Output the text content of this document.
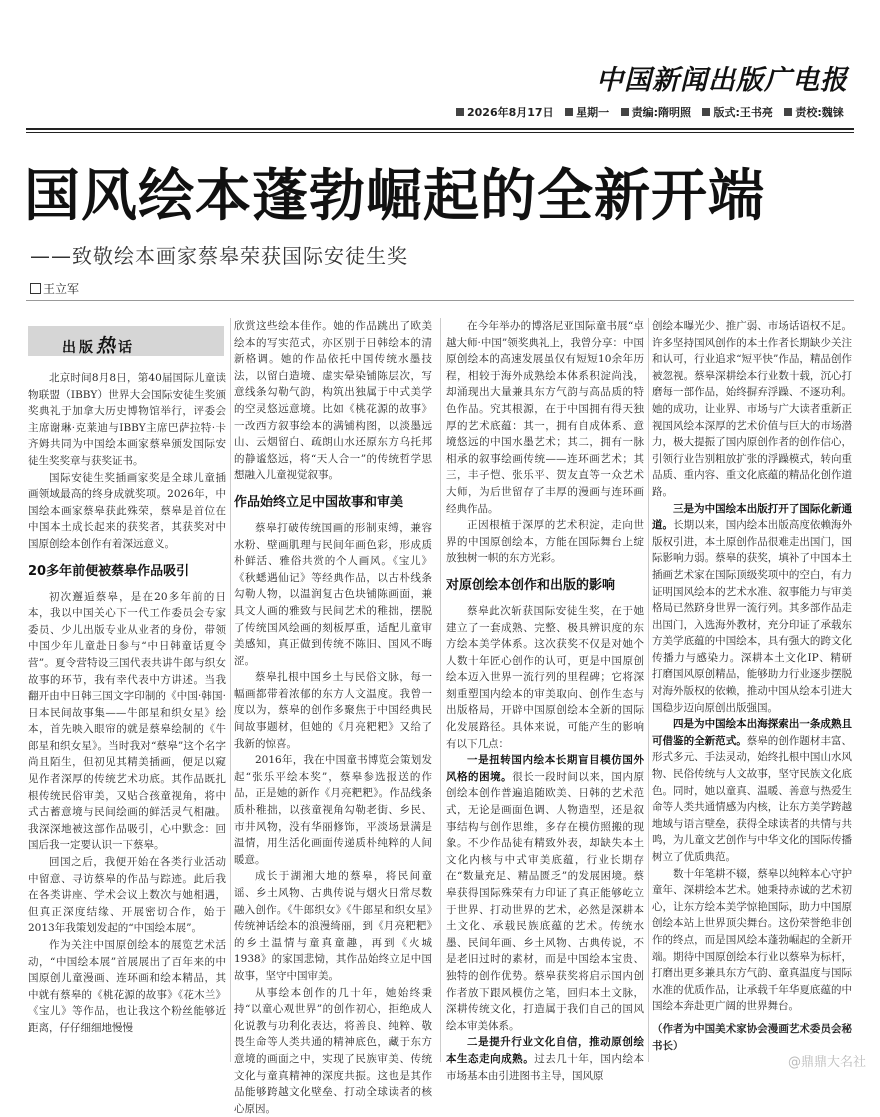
中国新闻出版广电报
2026年8月17日 星期一 责编:隋明照 版式:王书亮 责校:魏铼
国风绘本蓬勃崛起的全新开端
——致敬绘本画家蔡皋荣获国际安徒生奖
王立军
出版热话

北京时间8月8日，第40届国际儿童读物联盟（IBBY）世界大会国际安徒生奖颁奖典礼于加拿大历史博物馆举行，评委会主席谢琳·克莱迪与IBBY主席巴萨拉特·卡齐姆共同为中国绘本画家蔡皋颁发国际安徒生奖奖章与获奖证书。

国际安徒生奖插画家奖是全球儿童插画领域最高的终身成就奖项。2026年，中国绘本画家蔡皋获此殊荣，蔡皋是首位在中国本土成长起来的获奖者，其获奖对中国原创绘本创作有着深远意义。

20多年前便被蔡皋作品吸引

初次邂逅蔡皋，是在20多年前的日本，我以中国关心下一代工作委员会专家委员、少儿出版专业从业者的身份，带领中国少年儿童赴日参与“中日韩童话夏令营”。夏令营特设三国代表共讲牛郎与织女故事的环节，我有幸代表中方讲述。当我翻开由中日韩三国文字印制的《中国·韩国·日本民间故事集——牛郎星和织女星》绘本，首先映入眼帘的就是蔡皋绘制的《牛郎星和织女星》。当时我对“蔡皋”这个名字尚且陌生，但初见其精美插画，便足以窥见作者深厚的传统艺术功底。其作品既扎根传统民俗审美，又贴合孩童视角，将中式古蓄意境与民间绘画的鲜活灵气相融。我深深地被这部作品吸引，心中默念：回国后我一定要认识一下蔡皋。

回国之后，我便开始在各类行业活动中留意、寻访蔡皋的作品与踪迹。此后我在各类讲座、学术会议上数次与她相遇，但真正深度结缘、开展密切合作，始于2013年我策划发起的“中国绘本展”。

作为关注中国原创绘本的展览艺术活动，“中国绘本展”首展展出了百年来的中国原创儿童漫画、连环画和绘本精品，其中就有蔡皋的《桃花源的故事》《花木兰》《宝儿》等作品，也让我这个粉丝能够近距离，仔仔细细地慢慢

欣赏这些绘本佳作。她的作品跳出了欧美绘本的写实范式，亦区别于日韩绘本的清新格调。她的作品依托中国传统水墨技法，以留白造境、虚实晕染铺陈层次，写意线条勾勒气韵，构筑出独属于中式美学的空灵悠远意境。比如《桃花源的故事》一改西方叙事绘本的满铺构图，以淡墨远山、云烟留白、疏朗山水还原东方乌托邦的静谧悠远，将“天人合一”的传统哲学思想融入儿童视觉叙事。

作品始终立足中国故事和审美

蔡皋打破传统国画的形制束缚，兼容水粉、壁画肌理与民间年画色彩，形成质朴鲜活、雅俗共赏的个人画风。《宝儿》《秋蟋遇仙记》等经典作品，以古朴线条勾勒人物，以温润复古色块铺陈画面，兼具文人画的雅致与民间艺术的稚拙，摆脱了传统国风绘画的刻板厚重，适配儿童审美感知，真正做到传统不陈旧、国风不晦涩。

蔡皋扎根中国乡土与民俗文脉，每一幅画都带着浓郁的东方人文温度。我曾一度以为，蔡皋的创作多聚焦于中国经典民间故事题材，但她的《月亮粑粑》又给了我新的惊喜。

2016年，我在中国童书博览会策划发起“张乐平绘本奖”，蔡皋参选报送的作品，正是她的新作《月亮粑粑》。作品线条质朴稚拙，以孩童视角勾勒老街、乡民、市井风物，没有华丽修饰，平淡场景满是温情，用生活化画面传递质朴纯粹的人间暖意。

成长于湖湘大地的蔡皋，将民间童谣、乡土风物、古典传说与烟火日常尽数融入创作。《牛郎织女》《牛郎星和织女星》传统神话绘本的浪漫绮丽，到《月亮粑粑》的乡土温情与童真童趣，再到《火城1938》的家国悲恸，其作品始终立足中国故事，坚守中国审美。

从事绘本创作的几十年，她始终秉持“以童心观世界”的创作初心，拒绝成人化说教与功利化表达，将善良、纯粹、敬畏生命等人类共通的精神底色，藏于东方意境的画面之中，实现了民族审美、传统文化与童真精神的深度共振。这也是其作品能够跨越文化壁垒、打动全球读者的核心原因。

在今年举办的博洛尼亚国际童书展“卓越大师·中国”领奖典礼上，我曾分享：中国原创绘本的高速发展虽仅有短短10余年历程，相较于海外成熟绘本体系积淀尚浅，却涌现出大量兼具东方气韵与高品质的特色作品。究其根源，在于中国拥有得天独厚的艺术底蕴：其一，拥有自成体系、意境悠远的中国水墨艺术；其二，拥有一脉相承的叙事绘画传统——连环画艺术；其三，丰子恺、张乐平、贺友直等一众艺术大师，为后世留存了丰厚的漫画与连环画经典作品。

正因根植于深厚的艺术积淀，走向世界的中国原创绘本，方能在国际舞台上绽放独树一帜的东方光彩。

对原创绘本创作和出版的影响

蔡皋此次斩获国际安徒生奖，在于她建立了一套成熟、完整、极具辨识度的东方绘本美学体系。这次获奖不仅是对她个人数十年匠心创作的认可，更是中国原创绘本迈入世界一流行列的里程碑；它将深刻重塑国内绘本的审美取向、创作生态与出版格局，开辟中国原创绘本全新的国际化发展路径。具体来说，可能产生的影响有以下几点：

一是扭转国内绘本长期盲目模仿国外风格的困境。很长一段时间以来，国内原创绘本创作普遍追随欧美、日韩的艺术范式，无论是画面色调、人物造型，还是叙事结构与创作思维，多存在模仿照搬的现象。不少作品徒有精致外表，却缺失本土文化内核与中式审美底蕴，行业长期存在“数量充足、精品匮乏”的发展困境。蔡皋获得国际殊荣有力印证了真正能够屹立于世界、打动世界的艺术，必然是深耕本土文化、承载民族底蕴的艺术。传统水墨、民间年画、乡土风物、古典传说，不是老旧过时的素材，而是中国绘本宝贵、独特的创作优势。蔡皋获奖将启示国内创作者放下跟风模仿之笔，回归本土文脉，深耕传统文化，打造属于我们自己的国风绘本审美体系。

二是提升行业文化自信，推动原创绘本生态走向成熟。过去几十年，国内绘本市场基本由引进图书主导，国风原

创绘本曝光少、推广弱、市场话语权不足。许多坚持国风创作的本土作者长期缺少关注和认可，行业追求“短平快”作品，精品创作被忽视。蔡皋深耕绘本行业数十载，沉心打磨每一部作品，始终摒弃浮躁、不逐功利。她的成功，让业界、市场与广大读者重新正视国风绘本深厚的艺术价值与巨大的市场潜力，极大提振了国内原创作者的创作信心，引领行业告别粗放扩张的浮躁模式，转向重品质、重内容、重文化底蕴的精品化创作道路。

三是为中国绘本出版打开了国际化新通道。长期以来，国内绘本出版高度依赖海外版权引进，本土原创作品很难走出国门，国际影响力弱。蔡皋的获奖，填补了中国本土插画艺术家在国际顶级奖项中的空白，有力证明国风绘本的艺术水准、叙事能力与审美格局已然跻身世界一流行列。其多部作品走出国门，入选海外教材，充分印证了承载东方美学底蕴的中国绘本，具有强大的跨文化传播力与感染力。深耕本土文化IP、精研打磨国风原创精品，能够助力行业逐步摆脱对海外版权的依赖，推动中国从绘本引进大国稳步迈向原创出版强国。

四是为中国绘本出海探索出一条成熟且可借鉴的全新范式。蔡皋的创作题材丰富、形式多元、手法灵动，始终扎根中国山水风物、民俗传统与人文故事，坚守民族文化底色。同时，她以童真、温暖、善意与热爱生命等人类共通情感为内核，让东方美学跨越地域与语言壁垒，获得全球读者的共情与共鸣，为儿童文艺创作与中华文化的国际传播树立了优质典范。

数十年笔耕不辍，蔡皋以纯粹本心守护童年、深耕绘本艺术。她秉持赤诚的艺术初心，让东方绘本美学惊艳国际，助力中国原创绘本站上世界顶尖舞台。这份荣誉绝非创作的终点，而是国风绘本蓬勃崛起的全新开端。期待中国原创绘本行业以蔡皋为标杆，打磨出更多兼具东方气韵、童真温度与国际水准的优质作品，让承载千年华夏底蕴的中国绘本奔赴更广阔的世界舞台。

（作者为中国美术家协会漫画艺术委员会秘书长）

@鼎鼎大名社
